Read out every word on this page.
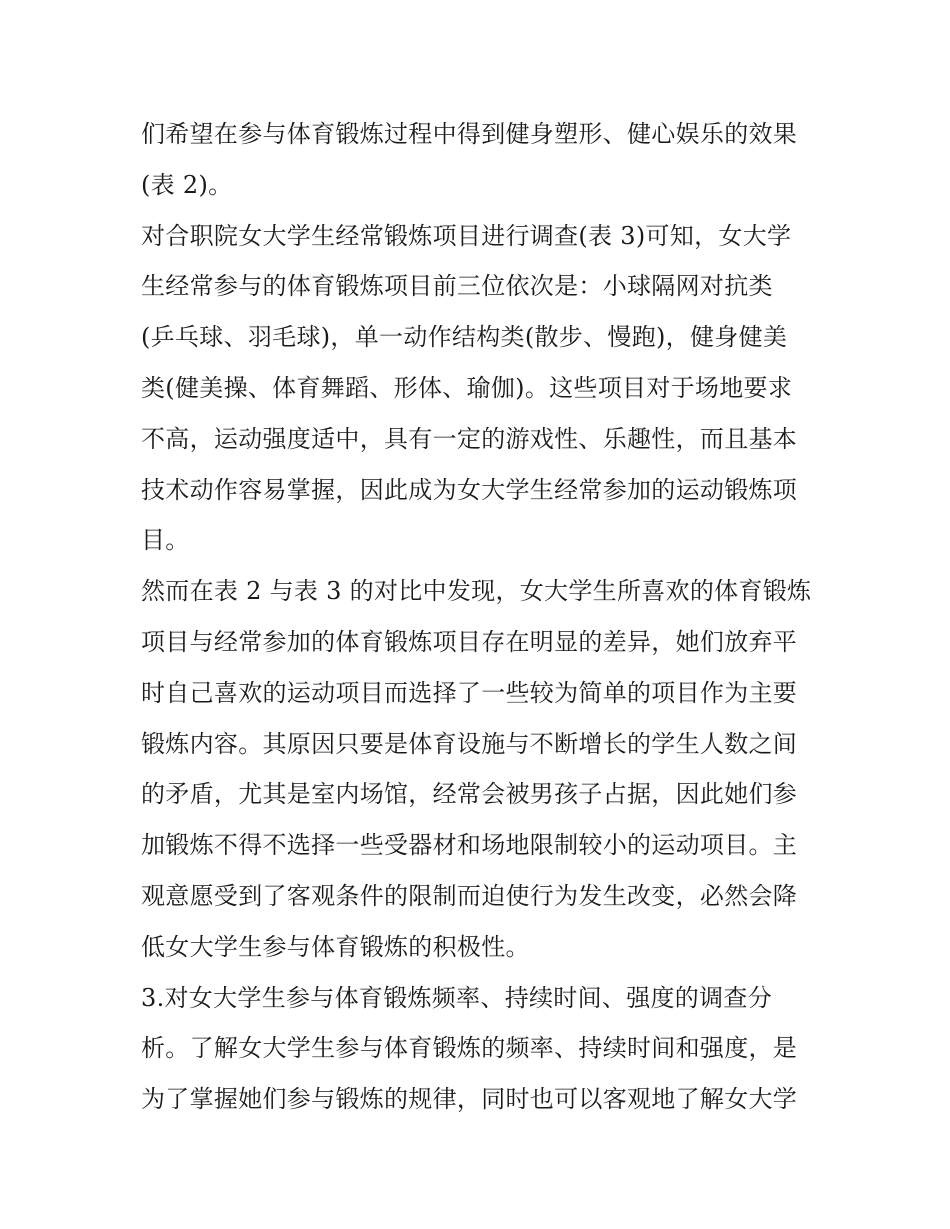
们希望在参与体育锻炼过程中得到健身塑形、健心娱乐的效果
(表 2)。
对合职院女大学生经常锻炼项目进行调查(表 3)可知，女大学
生经常参与的体育锻炼项目前三位依次是：小球隔网对抗类
(乒乓球、羽毛球)，单一动作结构类(散步、慢跑)，健身健美
类(健美操、体育舞蹈、形体、瑜伽)。这些项目对于场地要求
不高，运动强度适中，具有一定的游戏性、乐趣性，而且基本
技术动作容易掌握，因此成为女大学生经常参加的运动锻炼项
目。
然而在表 2 与表 3 的对比中发现，女大学生所喜欢的体育锻炼
项目与经常参加的体育锻炼项目存在明显的差异，她们放弃平
时自己喜欢的运动项目而选择了一些较为简单的项目作为主要
锻炼内容。其原因只要是体育设施与不断增长的学生人数之间
的矛盾，尤其是室内场馆，经常会被男孩子占据，因此她们参
加锻炼不得不选择一些受器材和场地限制较小的运动项目。主
观意愿受到了客观条件的限制而迫使行为发生改变，必然会降
低女大学生参与体育锻炼的积极性。
3.对女大学生参与体育锻炼频率、持续时间、强度的调查分
析。了解女大学生参与体育锻炼的频率、持续时间和强度，是
为了掌握她们参与锻炼的规律，同时也可以客观地了解女大学
